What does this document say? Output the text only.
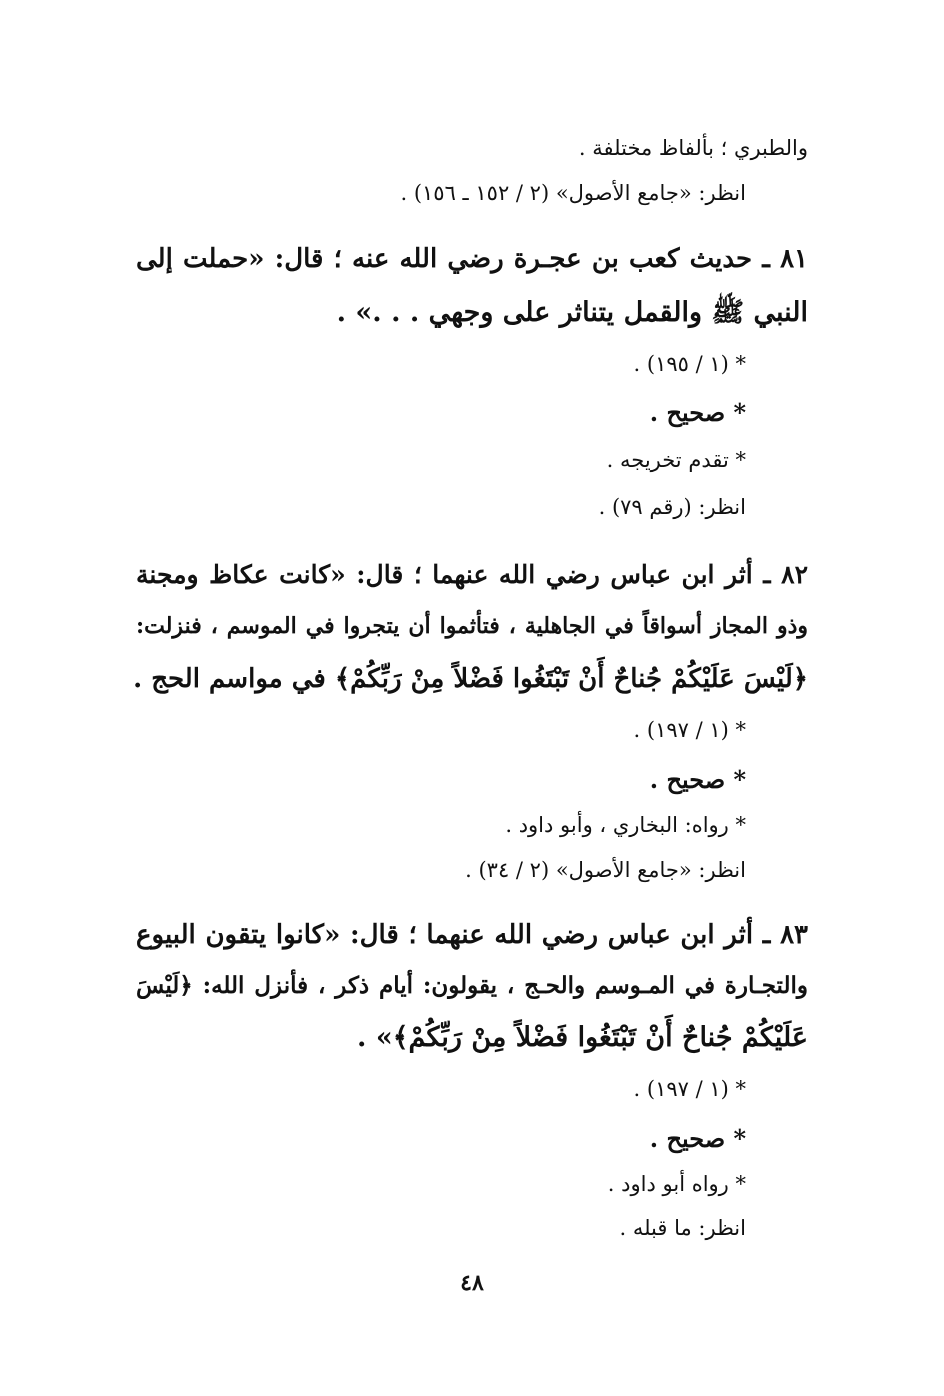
والطبري ؛ بألفاظ مختلفة .
انظر: «جامع الأصول» (٢ / ١٥٢ ـ ١٥٦) .
٨١ ـ حديث كعب بن عجـرة رضي الله عنه ؛ قال: «حملت إلى
النبي ﷺ والقمل يتناثر على وجهي . . .» .
* (١ / ١٩٥) .
* صحيح .
* تقدم تخريجه .
انظر: (رقم ٧٩) .
٨٢ ـ أثر ابن عباس رضي الله عنهما ؛ قال: «كانت عكاظ ومجنة
وذو المجاز أسواقاً في الجاهلية ، فتأثموا أن يتجروا في الموسم ، فنزلت:
﴿لَيْسَ عَلَيْكُمْ جُناحٌ أَنْ تَبْتَغُوا فَضْلاً مِنْ رَبِّكُمْ﴾ في مواسم الحج .
* (١ / ١٩٧) .
* صحيح .
* رواه: البخاري ، وأبو داود .
انظر: «جامع الأصول» (٢ / ٣٤) .
٨٣ ـ أثر ابن عباس رضي الله عنهما ؛ قال: «كانوا يتقون البيوع
والتجـارة في المـوسم والحـج ، يقولون: أيام ذكر ، فأنزل الله: ﴿لَيْسَ
عَلَيْكُمْ جُناحٌ أَنْ تَبْتَغُوا فَضْلاً مِنْ رَبِّكُمْ﴾» .
* (١ / ١٩٧) .
* صحيح .
* رواه أبو داود .
انظر: ما قبله .
٤٨
